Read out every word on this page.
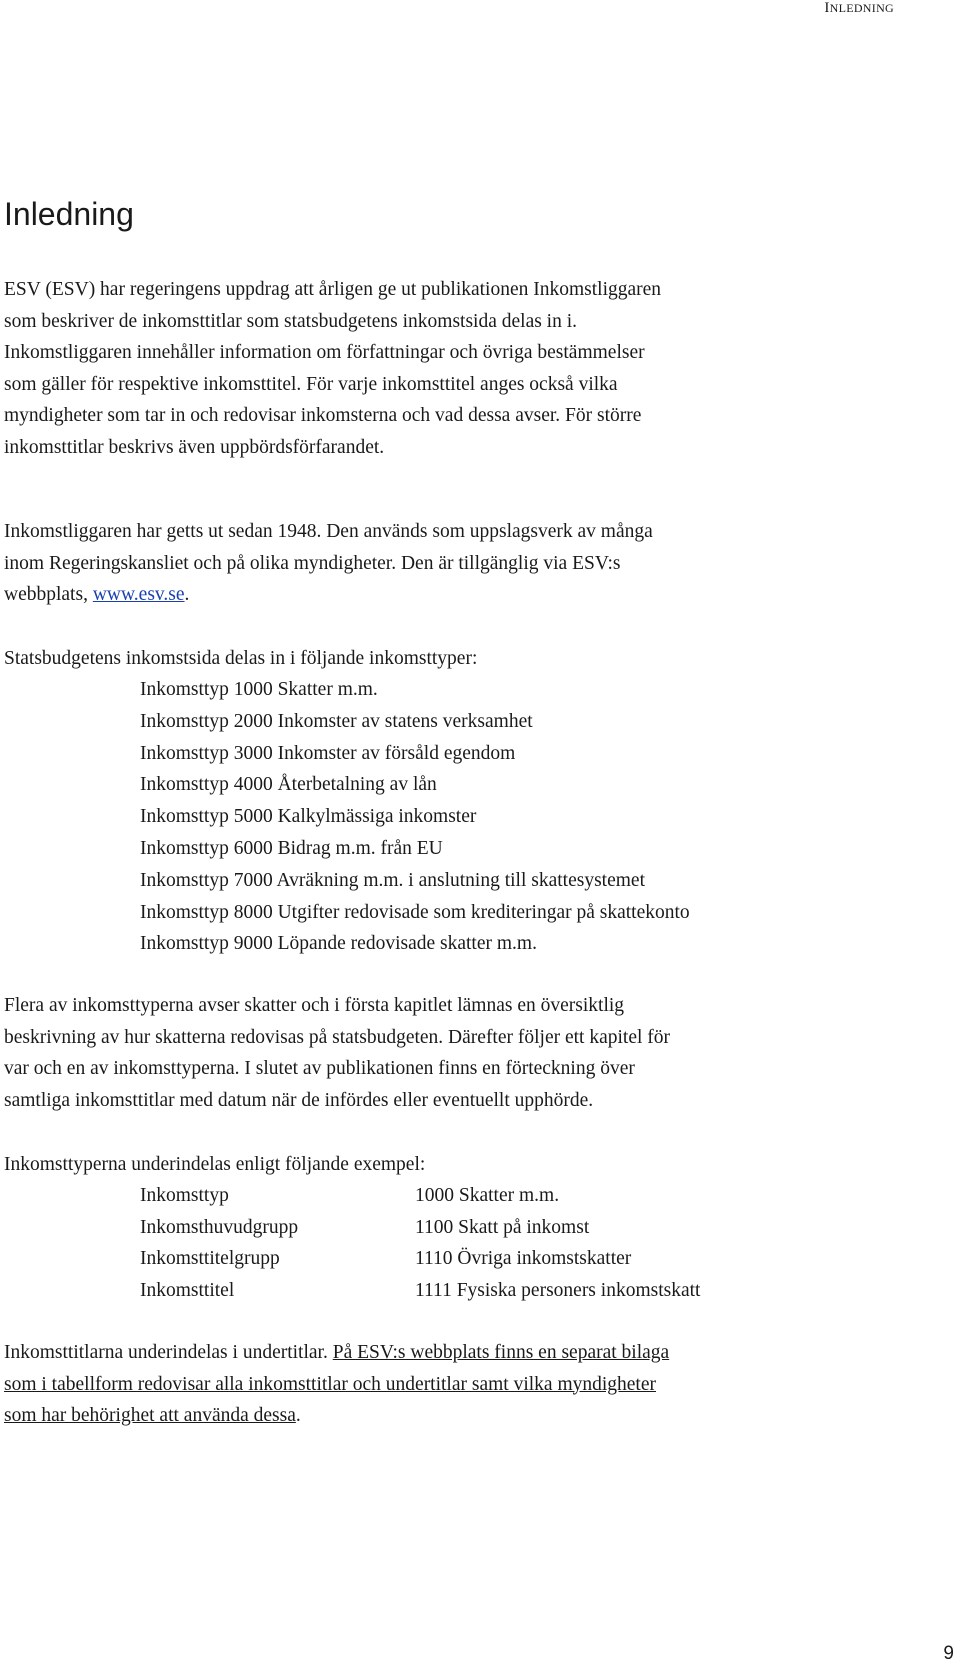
INLEDNING
Inledning

ESV (ESV) har regeringens uppdrag att årligen ge ut publikationen Inkomstliggaren
som beskriver de inkomsttitlar som statsbudgetens inkomstsida delas in i.
Inkomstliggaren innehåller information om författningar och övriga bestämmelser
som gäller för respektive inkomsttitel. För varje inkomsttitel anges också vilka
myndigheter som tar in och redovisar inkomsterna och vad dessa avser. För större
inkomsttitlar beskrivs även uppbördsförfarandet.

Inkomstliggaren har getts ut sedan 1948. Den används som uppslagsverk av många
inom Regeringskansliet och på olika myndigheter. Den är tillgänglig via ESV:s
webbplats, www.esv.se.

Statsbudgetens inkomstsida delas in i följande inkomsttyper:

Inkomsttyp 1000 Skatter m.m.
Inkomsttyp 2000 Inkomster av statens verksamhet
Inkomsttyp 3000 Inkomster av försåld egendom
Inkomsttyp 4000 Återbetalning av lån
Inkomsttyp 5000 Kalkylmässiga inkomster
Inkomsttyp 6000 Bidrag m.m. från EU
Inkomsttyp 7000 Avräkning m.m. i anslutning till skattesystemet
Inkomsttyp 8000 Utgifter redovisade som krediteringar på skattekonto
Inkomsttyp 9000 Löpande redovisade skatter m.m.

Flera av inkomsttyperna avser skatter och i första kapitlet lämnas en översiktlig
beskrivning av hur skatterna redovisas på statsbudgeten. Därefter följer ett kapitel för
var och en av inkomsttyperna. I slutet av publikationen finns en förteckning över
samtliga inkomsttitlar med datum när de infördes eller eventuellt upphörde.

Inkomsttyperna underindelas enligt följande exempel:

Inkomsttyp	1000 Skatter m.m.
Inkomsthuvudgrupp	1100 Skatt på inkomst
Inkomsttitelgrupp	1110 Övriga inkomstskatter
Inkomsttitel	1111 Fysiska personers inkomstskatt

Inkomsttitlarna underindelas i undertitlar. På ESV:s webbplats finns en separat bilaga
som i tabellform redovisar alla inkomsttitlar och undertitlar samt vilka myndigheter
som har behörighet att använda dessa.

9
